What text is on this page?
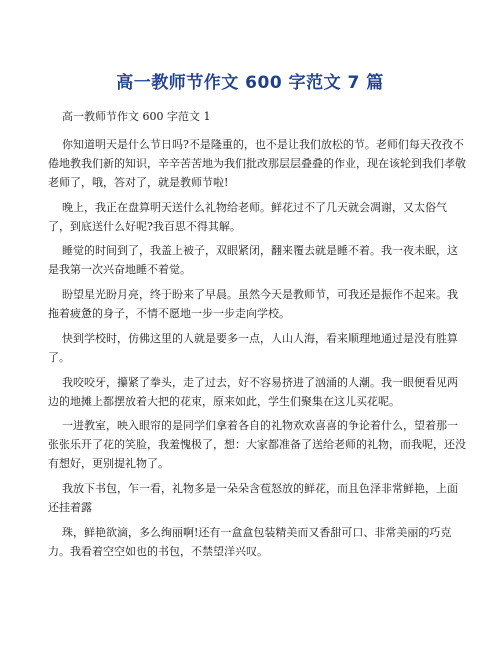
高一教师节作文 600 字范文 7 篇
高一教师节作文 600 字范文 1

你知道明天是什么节日吗?不是隆重的，也不是让我们放松的节。老师们每天孜孜不倦地教我们新的知识，辛辛苦苦地为我们批改那层层叠叠的作业，现在该轮到我们孝敬老师了，哦，答对了，就是教师节啦!

晚上，我正在盘算明天送什么礼物给老师。鲜花过不了几天就会凋谢，又太俗气了，到底送什么好呢?我百思不得其解。

睡觉的时间到了，我盖上被子，双眼紧闭，翻来覆去就是睡不着。我一夜未眠，这是我第一次兴奋地睡不着觉。

盼望星光盼月亮，终于盼来了早晨。虽然今天是教师节，可我还是振作不起来。我拖着疲惫的身子，不情不愿地一步一步走向学校。

快到学校时，仿佛这里的人就是要多一点，人山人海，看来顺理地通过是没有胜算了。

我咬咬牙，攥紧了拳头，走了过去，好不容易挤进了汹涌的人潮。我一眼便看见两边的地摊上都摆放着大把的花束，原来如此，学生们聚集在这儿买花呢。

一进教室，映入眼帘的是同学们拿着各自的礼物欢欢喜喜的争论着什么，望着那一张张乐开了花的笑脸，我羞愧极了，想：大家都准备了送给老师的礼物，而我呢，还没有想好，更别提礼物了。

我放下书包，乍一看，礼物多是一朵朵含苞怒放的鲜花，而且色泽非常鲜艳，上面还挂着露

珠，鲜艳欲滴，多么绚丽啊!还有一盒盒包装精美而又香甜可口、非常美丽的巧克力。我看着空空如也的书包，不禁望洋兴叹。
